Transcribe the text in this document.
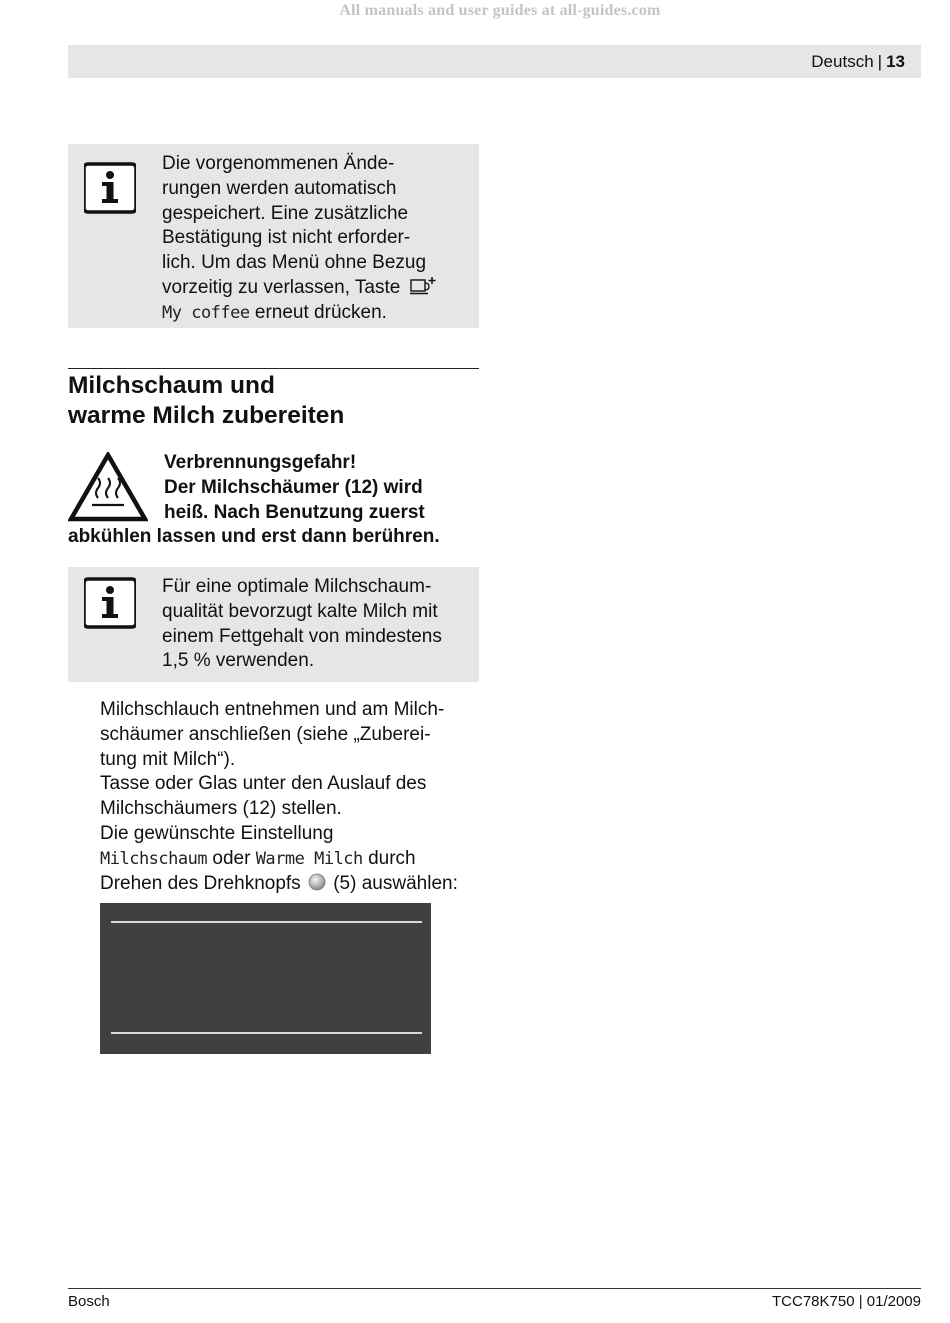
All manuals and user guides at all-guides.com
Deutsch | 13
Die vorgenommenen Ände-
rungen werden automatisch
gespeichert. Eine zusätzliche
Bestätigung ist nicht erforder-
lich. Um das Menü ohne Bezug
vorzeitig zu verlassen, Taste
My coffee erneut drücken.
Milchschaum und
warme Milch zubereiten
Verbrennungsgefahr!
Der Milchschäumer (12) wird
heiß. Nach Benutzung zuerst
abkühlen lassen und erst dann berühren.
Für eine optimale Milchschaum-
qualität bevorzugt kalte Milch mit
einem Fettgehalt von mindestens
1,5 % verwenden.
Milchschlauch entnehmen und am Milch-
schäumer anschließen (siehe „Zuberei-
tung mit Milch“).
Tasse oder Glas unter den Auslauf des
Milchschäumers (12) stellen.
Die gewünschte Einstellung
Milchschaum oder Warme Milch durch
Drehen des Drehknopfs (5) auswählen:
Bosch	TCC78K750 | 01/2009
